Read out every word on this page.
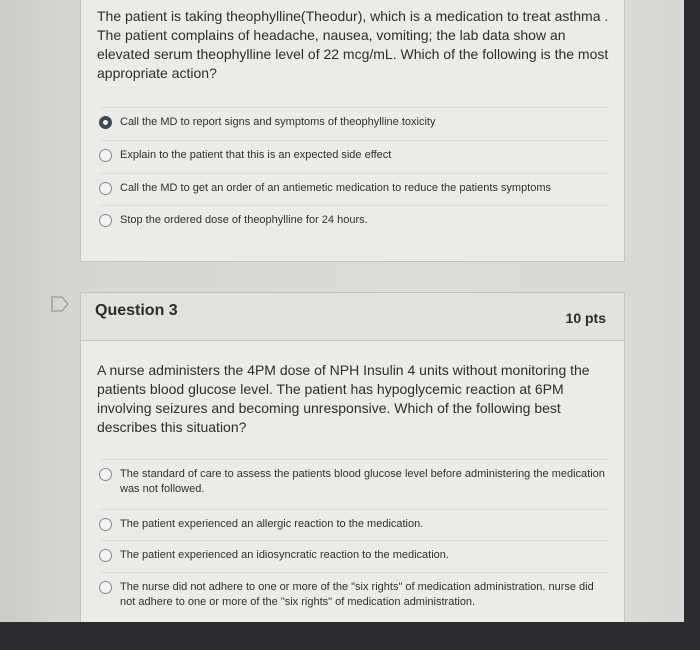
The patient is taking theophylline(Theodur), which is a medication to treat asthma . The patient complains of headache, nausea, vomiting; the lab data show an elevated serum theophylline level of 22 mcg/mL. Which of the following is the most appropriate action?
Call the MD to report signs and symptoms of theophylline toxicity
Explain to the patient that this is an expected side effect
Call the MD to get an order of an antiemetic medication to reduce the patients symptoms
Stop the ordered dose of theophylline for 24 hours.
Question 3	10 pts
A nurse administers the 4PM dose of NPH Insulin 4 units without monitoring the patients blood glucose level. The patient has hypoglycemic reaction at 6PM involving seizures and becoming unresponsive. Which of the following best describes this situation?
The standard of care to assess the patients blood glucose level before administering the medication was not followed.
The patient experienced an allergic reaction to the medication.
The patient experienced an idiosyncratic reaction to the medication.
The nurse did not adhere to one or more of the "six rights" of medication administration. nurse did not adhere to one or more of the "six rights" of medication administration.
